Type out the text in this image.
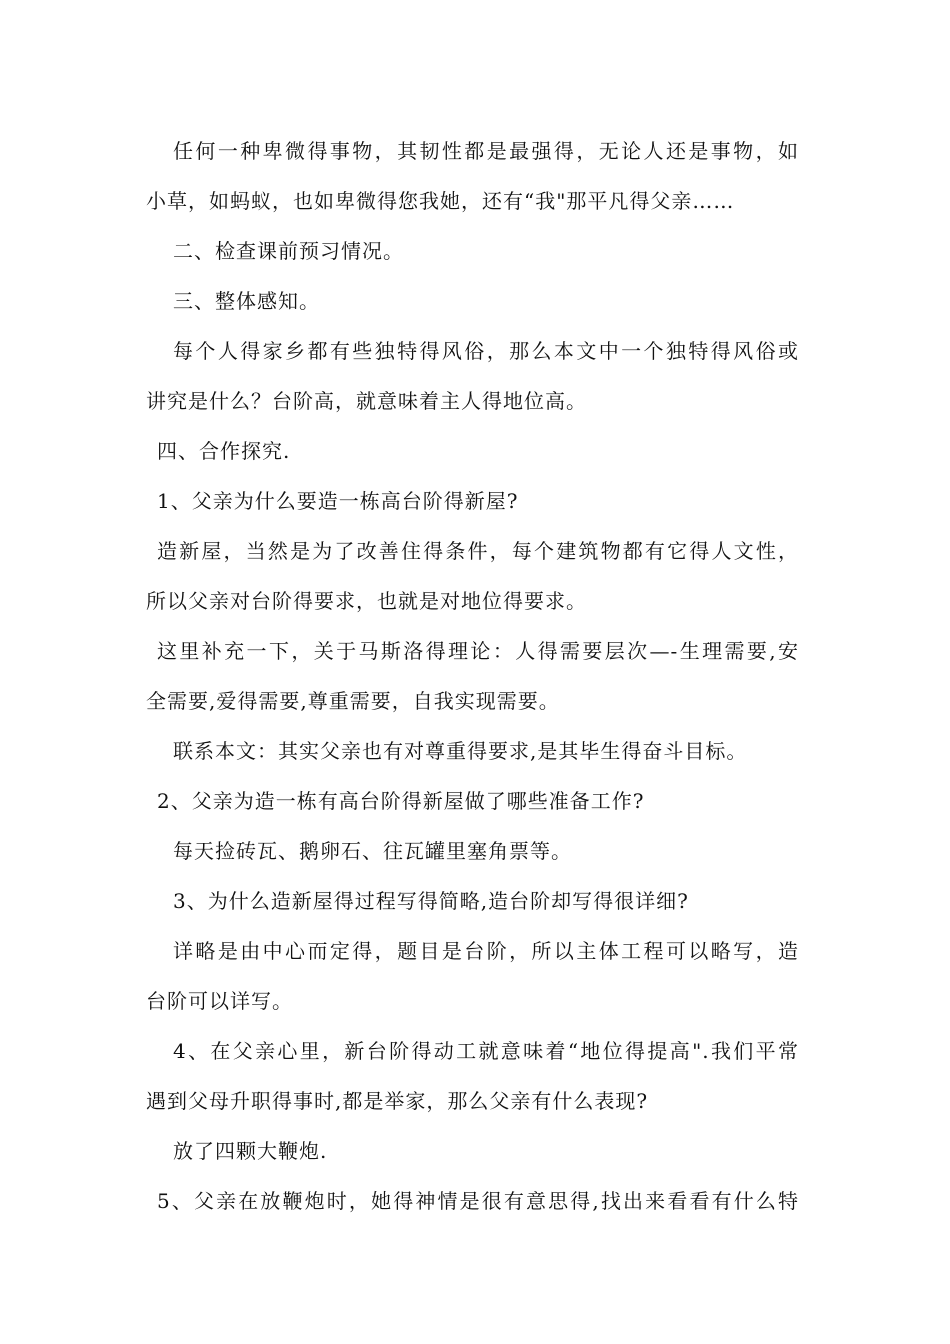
任何一种卑微得事物，其韧性都是最强得，无论人还是事物，如
小草，如蚂蚁，也如卑微得您我她，还有“我"那平凡得父亲……
二、检查课前预习情况。
三、整体感知。
每个人得家乡都有些独特得风俗，那么本文中一个独特得风俗或
讲究是什么？台阶高，就意味着主人得地位高。
四、合作探究.
1、父亲为什么要造一栋高台阶得新屋?
造新屋，当然是为了改善住得条件，每个建筑物都有它得人文性，
所以父亲对台阶得要求，也就是对地位得要求。
这里补充一下，关于马斯洛得理论：人得需要层次—-生理需要,安
全需要,爱得需要,尊重需要，自我实现需要。
联系本文：其实父亲也有对尊重得要求,是其毕生得奋斗目标。
2、父亲为造一栋有高台阶得新屋做了哪些准备工作?
每天捡砖瓦、鹅卵石、往瓦罐里塞角票等。
3、为什么造新屋得过程写得简略,造台阶却写得很详细?
详略是由中心而定得，题目是台阶，所以主体工程可以略写，造
台阶可以详写。
4、在父亲心里，新台阶得动工就意味着“地位得提高".我们平常
遇到父母升职得事时,都是举家，那么父亲有什么表现?
放了四颗大鞭炮.
5、父亲在放鞭炮时，她得神情是很有意思得,找出来看看有什么特
